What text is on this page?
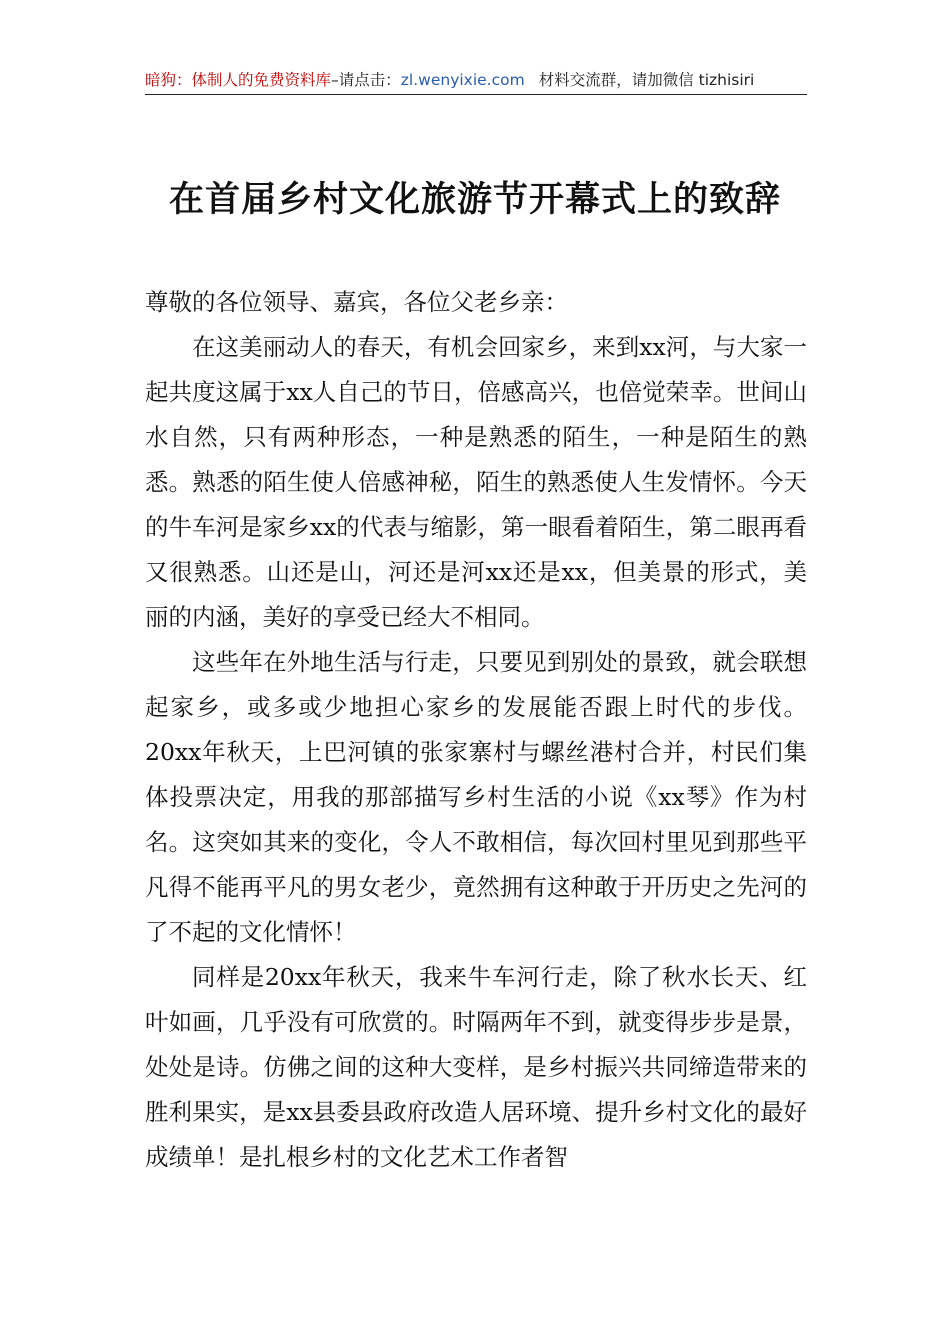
暗狗：体制人的免费资料库–请点击：zl.wenyixie.com 材料交流群，请加微信 tizhisiri
在首届乡村文化旅游节开幕式上的致辞

尊敬的各位领导、嘉宾，各位父老乡亲：

在这美丽动人的春天，有机会回家乡，来到xx河，与大家一起共度这属于xx人自己的节日，倍感高兴，也倍觉荣幸。世间山水自然，只有两种形态，一种是熟悉的陌生，一种是陌生的熟悉。熟悉的陌生使人倍感神秘，陌生的熟悉使人生发情怀。今天的牛车河是家乡xx的代表与缩影，第一眼看着陌生，第二眼再看又很熟悉。山还是山，河还是河xx还是xx，但美景的形式，美丽的内涵，美好的享受已经大不相同。

这些年在外地生活与行走，只要见到别处的景致，就会联想起家乡，或多或少地担心家乡的发展能否跟上时代的步伐。20xx年秋天，上巴河镇的张家寨村与螺丝港村合并，村民们集体投票决定，用我的那部描写乡村生活的小说《xx琴》作为村名。这突如其来的变化，令人不敢相信，每次回村里见到那些平凡得不能再平凡的男女老少，竟然拥有这种敢于开历史之先河的了不起的文化情怀！

同样是20xx年秋天，我来牛车河行走，除了秋水长天、红叶如画，几乎没有可欣赏的。时隔两年不到，就变得步步是景，处处是诗。仿佛之间的这种大变样，是乡村振兴共同缔造带来的胜利果实，是xx县委县政府改造人居环境、提升乡村文化的最好成绩单！是扎根乡村的文化艺术工作者智
